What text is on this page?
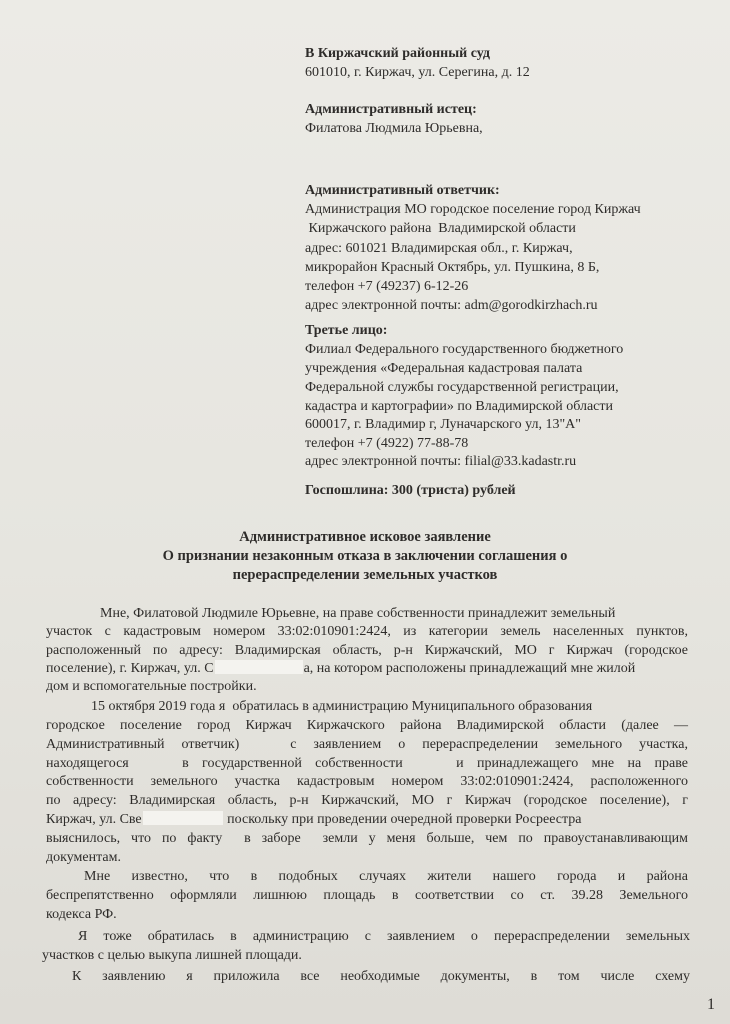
В Киржачский районный суд
601010, г. Киржач, ул. Серегина, д. 12
Административный истец:
Филатова Людмила Юрьевна,
Административный ответчик:
Администрация МО городское поселение город Киржач
Киржачского района  Владимирской области
адрес: 601021 Владимирская обл., г. Киржач,
микрорайон Красный Октябрь, ул. Пушкина, 8 Б,
телефон +7 (49237) 6-12-26
адрес электронной почты: adm@gorodkirzhach.ru
Третье лицо:
Филиал Федерального государственного бюджетного
учреждения «Федеральная кадастровая палата
Федеральной службы государственной регистрации,
кадастра и картографии» по Владимирской области
600017, г. Владимир г, Луначарского ул, 13"А"
телефон +7 (4922) 77-88-78
адрес электронной почты: filial@33.kadastr.ru
Госпошлина: 300 (триста) рублей
Административное исковое заявление
О признании незаконным отказа в заключении соглашения о
перераспределении земельных участков
Мне, Филатовой Людмиле Юрьевне, на праве собственности принадлежит земельный
участок с кадастровым номером 33:02:010901:2424, из категории земель населенных пунктов,
расположенный по адресу: Владимирская область, р-н Киржачский, МО г Киржач (городское
поселение), г. Киржач, ул. С	а, на котором расположены принадлежащий мне жилой
дом и вспомогательные постройки.
15 октября 2019 года я  обратилась в администрацию Муниципального образования
городское поселение город Киржач Киржачского района Владимирской области (далее —
Административный ответчик)   с заявлением о перераспределении земельного участка,
находящегося    в государственной собственности    и принадлежащего мне на праве
собственности земельного участка кадастровым номером 33:02:010901:2424, расположенного
по адресу: Владимирская область, р-н Киржачский, МО г Киржач (городское поселение), г
Киржач, ул. Све	поскольку при проведении очередной проверки Росреестра
выяснилось, что по факту  в заборе  земли у меня больше, чем по правоустанавливающим
документам.
Мне   известно,   что   в   подобных   случаях   жители   нашего   города   и   района
беспрепятственно оформляли лишнюю площадь в соответствии со ст. 39.28 Земельного
кодекса РФ.
Я тоже обратилась в администрацию с заявлением о перераспределении земельных
участков с целью выкупа лишней площади.
К   заявлению   я   приложила   все   необходимые   документы,   в   том   числе   схему
1
